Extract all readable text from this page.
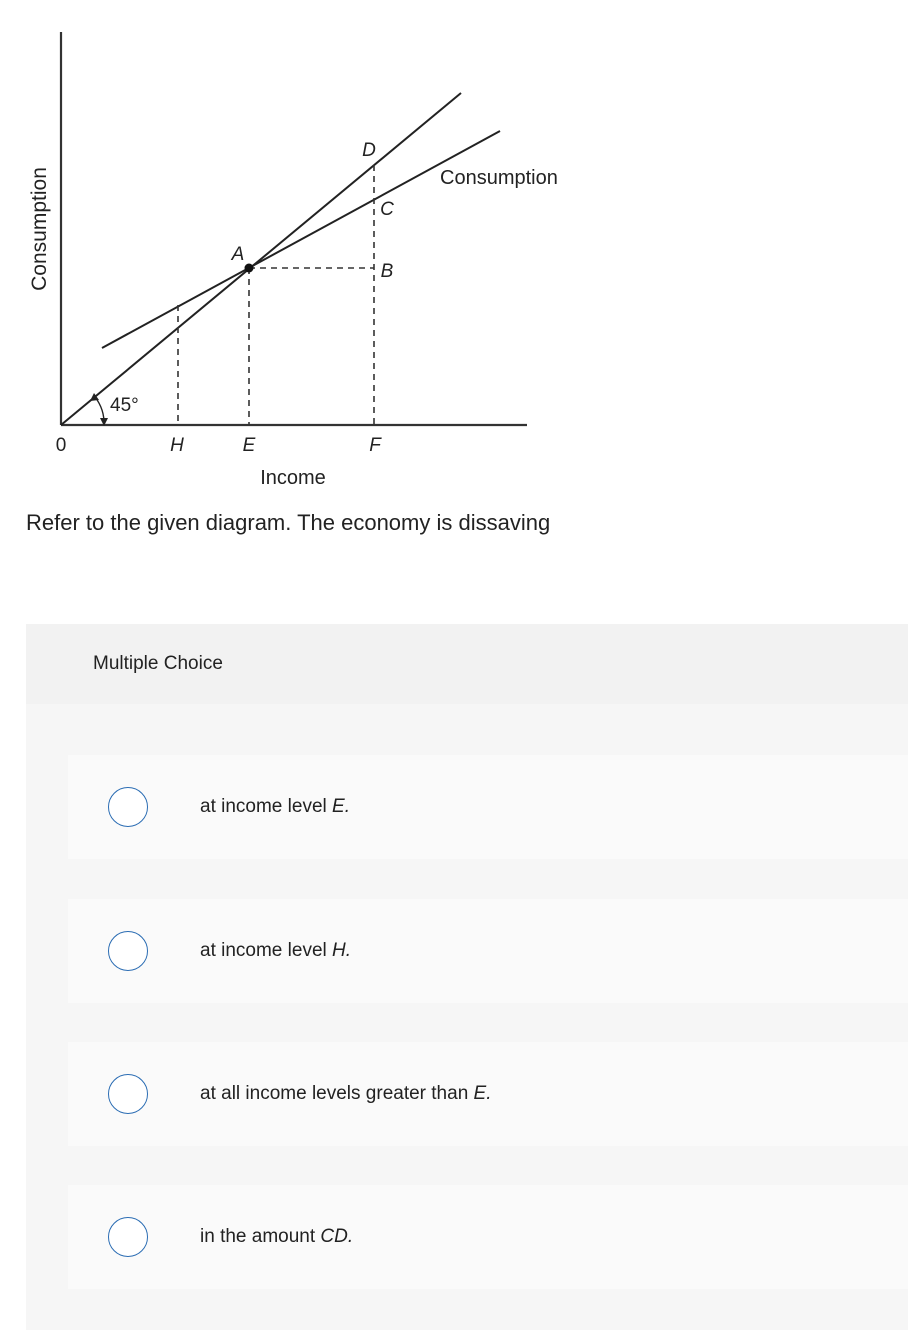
Consumption
Income
0
45°
Consumption
A
B
C
D
H	E	F
Refer to the given diagram. The economy is dissaving
Multiple Choice
at income level E.
at income level H.
at all income levels greater than E.
in the amount CD.
